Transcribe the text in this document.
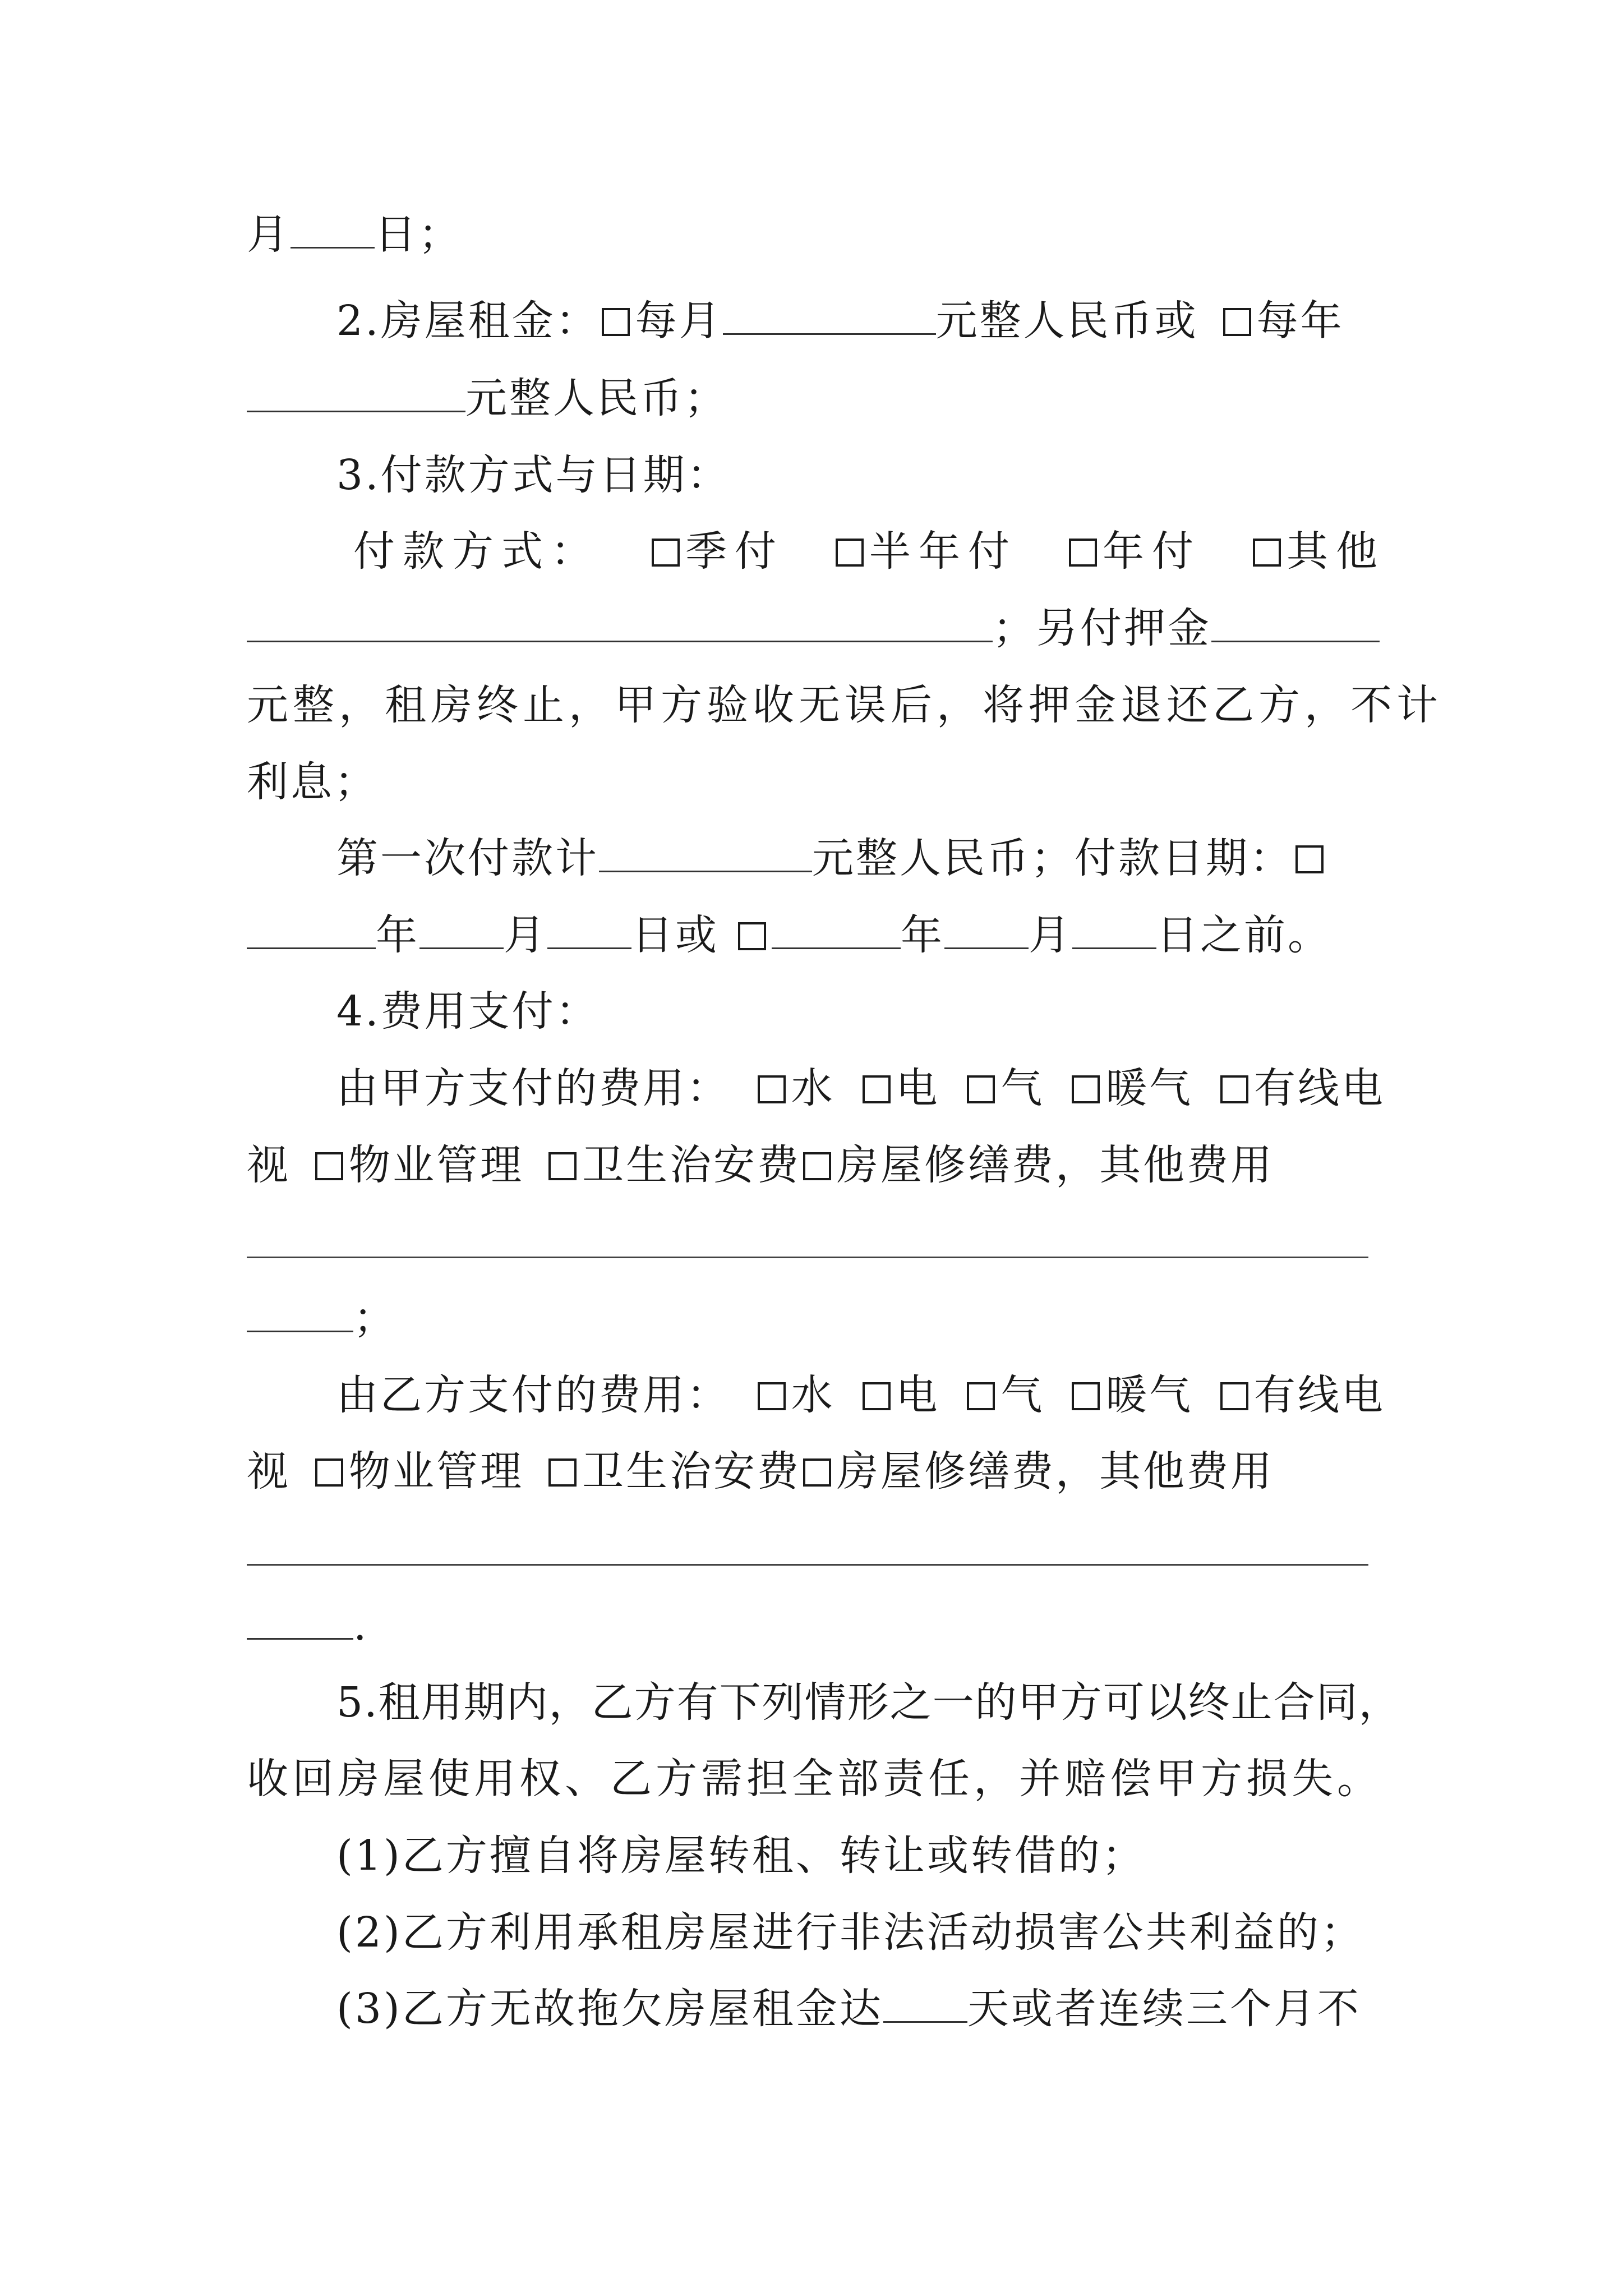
月 日；
2.房屋租金： 每月	元整人民币或 每年
元整人民币；
3.付款方式与日期：
付款方式：	季付	半年付	年付	其他
；另付押金
元整，租房终止，甲方验收无误后，将押金退还乙方，不计
利息；
第一次付款计	元整人民币；付款日期：
年 月 日或	年 月 日之前。
4.费用支付：
由甲方支付的费用：	水	电	气	暖气	有线电
视 物业管理 卫生治安费 房屋修缮费，其他费用
；
由乙方支付的费用：	水	电	气	暖气	有线电
视 物业管理 卫生治安费 房屋修缮费，其他费用
.
5.租用期内，乙方有下列情形之一的甲方可以终止合同，
收回房屋使用权、乙方需担全部责任，并赔偿甲方损失。
(1)乙方擅自将房屋转租、转让或转借的；
(2)乙方利用承租房屋进行非法活动损害公共利益的；
(3)乙方无故拖欠房屋租金达 天或者连续三个月不
